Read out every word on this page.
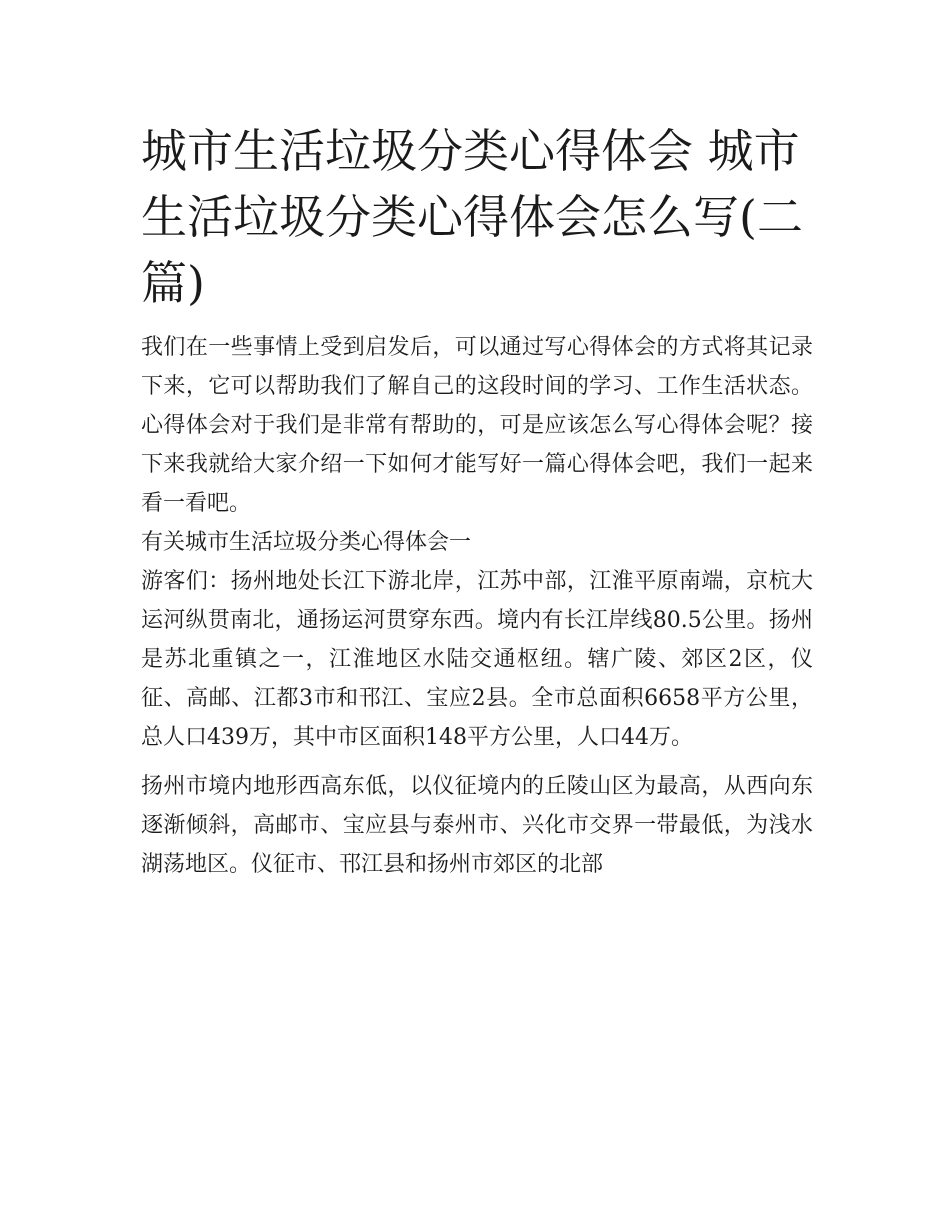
城市生活垃圾分类心得体会 城市生活垃圾分类心得体会怎么写(二篇)

我们在一些事情上受到启发后，可以通过写心得体会的方式将其记录下来，它可以帮助我们了解自己的这段时间的学习、工作生活状态。心得体会对于我们是非常有帮助的，可是应该怎么写心得体会呢？接下来我就给大家介绍一下如何才能写好一篇心得体会吧，我们一起来看一看吧。

有关城市生活垃圾分类心得体会一

游客们：扬州地处长江下游北岸，江苏中部，江淮平原南端，京杭大运河纵贯南北，通扬运河贯穿东西。境内有长江岸线80.5公里。扬州是苏北重镇之一，江淮地区水陆交通枢纽。辖广陵、郊区2区，仪征、高邮、江都3市和邗江、宝应2县。全市总面积6658平方公里，总人口439万，其中市区面积148平方公里，人口44万。

扬州市境内地形西高东低，以仪征境内的丘陵山区为最高，从西向东逐渐倾斜，高邮市、宝应县与泰州市、兴化市交界一带最低，为浅水湖荡地区。仪征市、邗江县和扬州市郊区的北部
